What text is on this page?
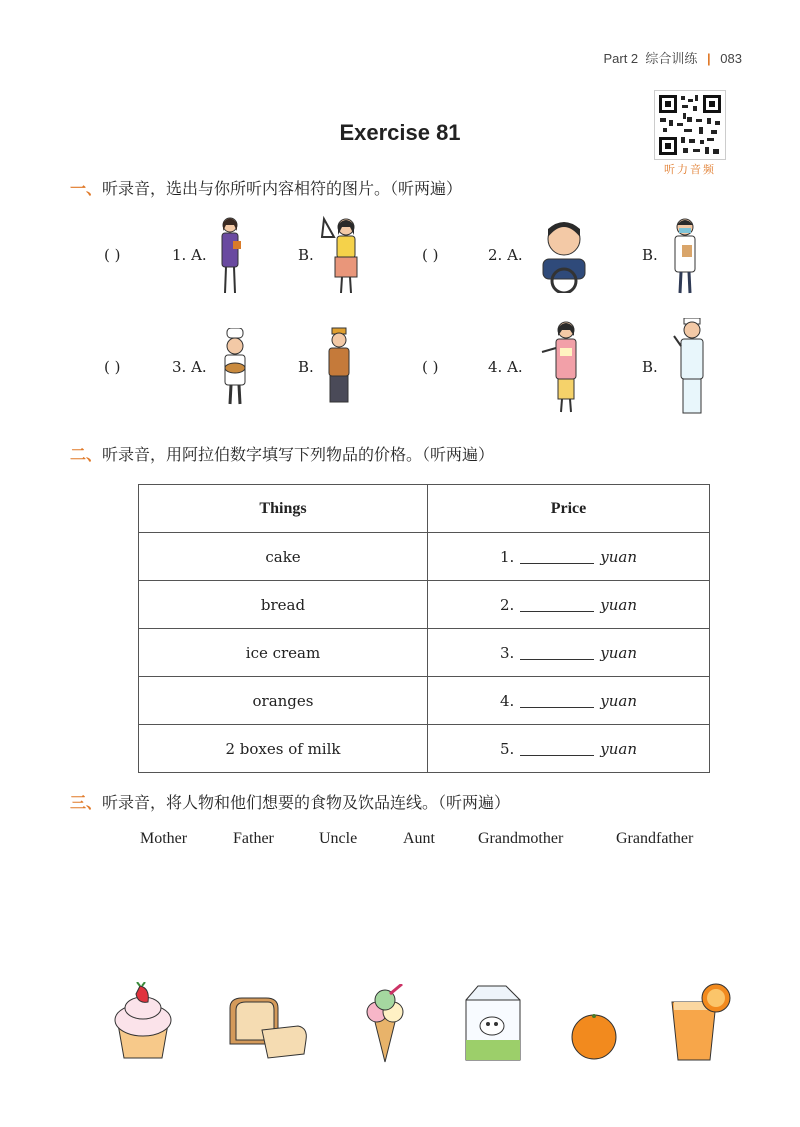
Part 2 综合训练 | 083
听力音频
Exercise 81
一、听录音，选出与你所听内容相符的图片。（听两遍）
( )	1. A.	B.	( )	2. A.	B.
( )	3. A.	B.	( )	4. A.	B.
二、听录音，用阿拉伯数字填写下列物品的价格。（听两遍）
Things	Price
cake	1. yuan
bread	2. yuan
ice cream	3. yuan
oranges	4. yuan
2 boxes of milk	5. yuan
三、听录音，将人物和他们想要的食物及饮品连线。（听两遍）
Mother	Father	Uncle	Aunt	Grandmother	Grandfather
